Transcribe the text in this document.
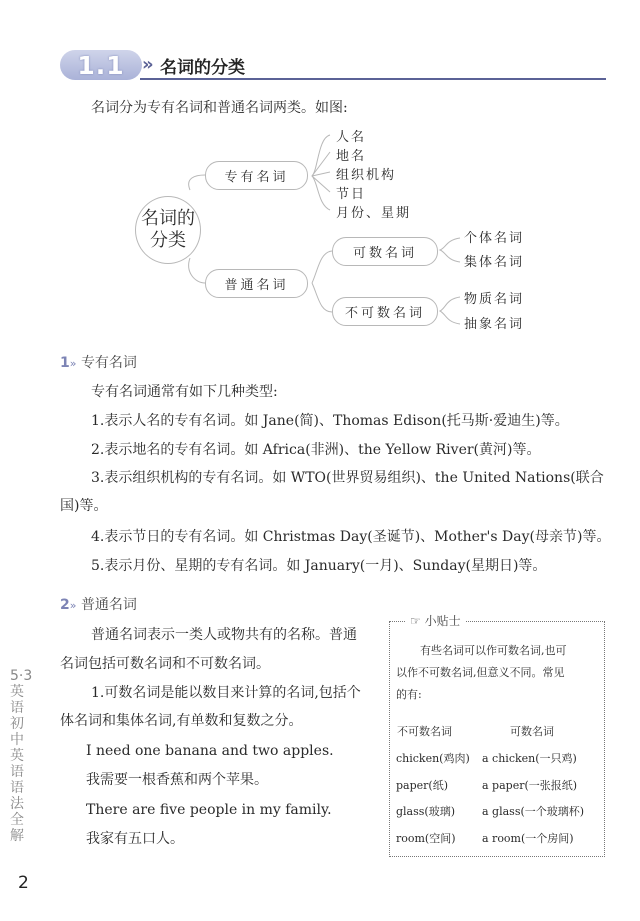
1.1 » 名词的分类
名词分为专有名词和普通名词两类。如图:
名词的
分类
专有名词
人名
地名
组织机构
节日
月份、星期
普通名词
可数名词
不可数名词
个体名词
集体名词
物质名词
抽象名词
1» 专有名词
专有名词通常有如下几种类型:
1.表示人名的专有名词。如 Jane(简)、Thomas Edison(托马斯·爱迪生)等。
2.表示地名的专有名词。如 Africa(非洲)、the Yellow River(黄河)等。
3.表示组织机构的专有名词。如 WTO(世界贸易组织)、the United Nations(联合
国)等。
4.表示节日的专有名词。如 Christmas Day(圣诞节)、Mother's Day(母亲节)等。
5.表示月份、星期的专有名词。如 January(一月)、Sunday(星期日)等。
2» 普通名词
普通名词表示一类人或物共有的名称。普通
名词包括可数名词和不可数名词。
1.可数名词是能以数目来计算的名词,包括个
体名词和集体名词,有单数和复数之分。
I need one banana and two apples.
我需要一根香蕉和两个苹果。
There are five people in my family.
我家有五口人。
☞ 小贴士
有些名词可以作可数名词,也可
以作不可数名词,但意义不同。常见
的有:
不可数名词	可数名词
chicken(鸡肉) a chicken(一只鸡)
paper(纸)	a paper(一张报纸)
glass(玻璃) a glass(一个玻璃杯)
room(空间) a room(一个房间)
5·3英语 初中英语语法全解
2
